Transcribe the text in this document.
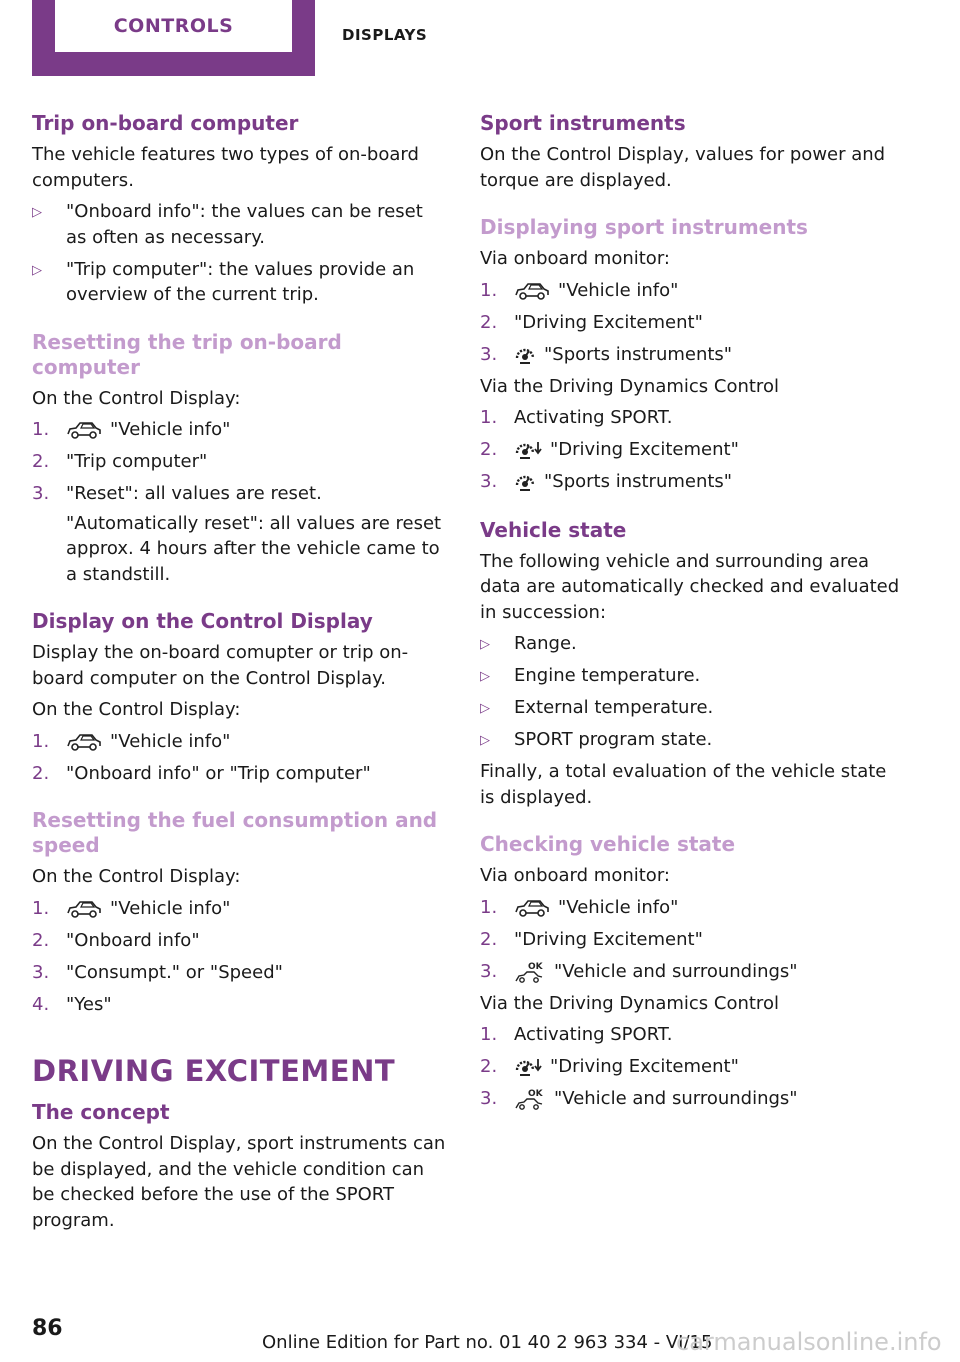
CONTROLS	DISPLAYS
Trip on-board computer

The vehicle features two types of on-board computers.

▷ "Onboard info": the values can be reset as often as necessary.
▷ "Trip computer": the values provide an overview of the current trip.
Resetting the trip on-board computer

On the Control Display:

1.	"Vehicle info"
2. "Trip computer"
3. "Reset": all values are reset.

"Automatically reset": all values are reset approx. 4 hours after the vehicle came to a standstill.

Display on the Control Display

Display the on-board comupter or trip on-board computer on the Control Display.

On the Control Display:

1.	"Vehicle info"
2. "Onboard info" or "Trip computer"
Resetting the fuel consumption and speed

On the Control Display:

1.	"Vehicle info"
2. "Onboard info"
3. "Consumpt." or "Speed"
4. "Yes"
DRIVING EXCITEMENT
The concept

On the Control Display, sport instruments can be displayed, and the vehicle condition can be checked before the use of the SPORT program.

Sport instruments

On the Control Display, values for power and torque are displayed.

Displaying sport instruments

Via onboard monitor:

1.	"Vehicle info"
2. "Driving Excitement"
3.	"Sports instruments"

Via the Driving Dynamics Control

1. Activating SPORT.
2.	"Driving Excitement"
3.	"Sports instruments"
Vehicle state

The following vehicle and surrounding area data are automatically checked and evaluated in succession:

▷ Range.
▷ Engine temperature.
▷ External temperature.
▷ SPORT program state.

Finally, a total evaluation of the vehicle state is displayed.

Checking vehicle state

Via onboard monitor:

1.	"Vehicle info"
2. "Driving Excitement"
3.	OK "Vehicle and surroundings"

Via the Driving Dynamics Control

1. Activating SPORT.
2.	"Driving Excitement"
3.	OK "Vehicle and surroundings"
86
Online Edition for Part no. 01 40 2 963 334 - VI/15
carmanualsonline.info
